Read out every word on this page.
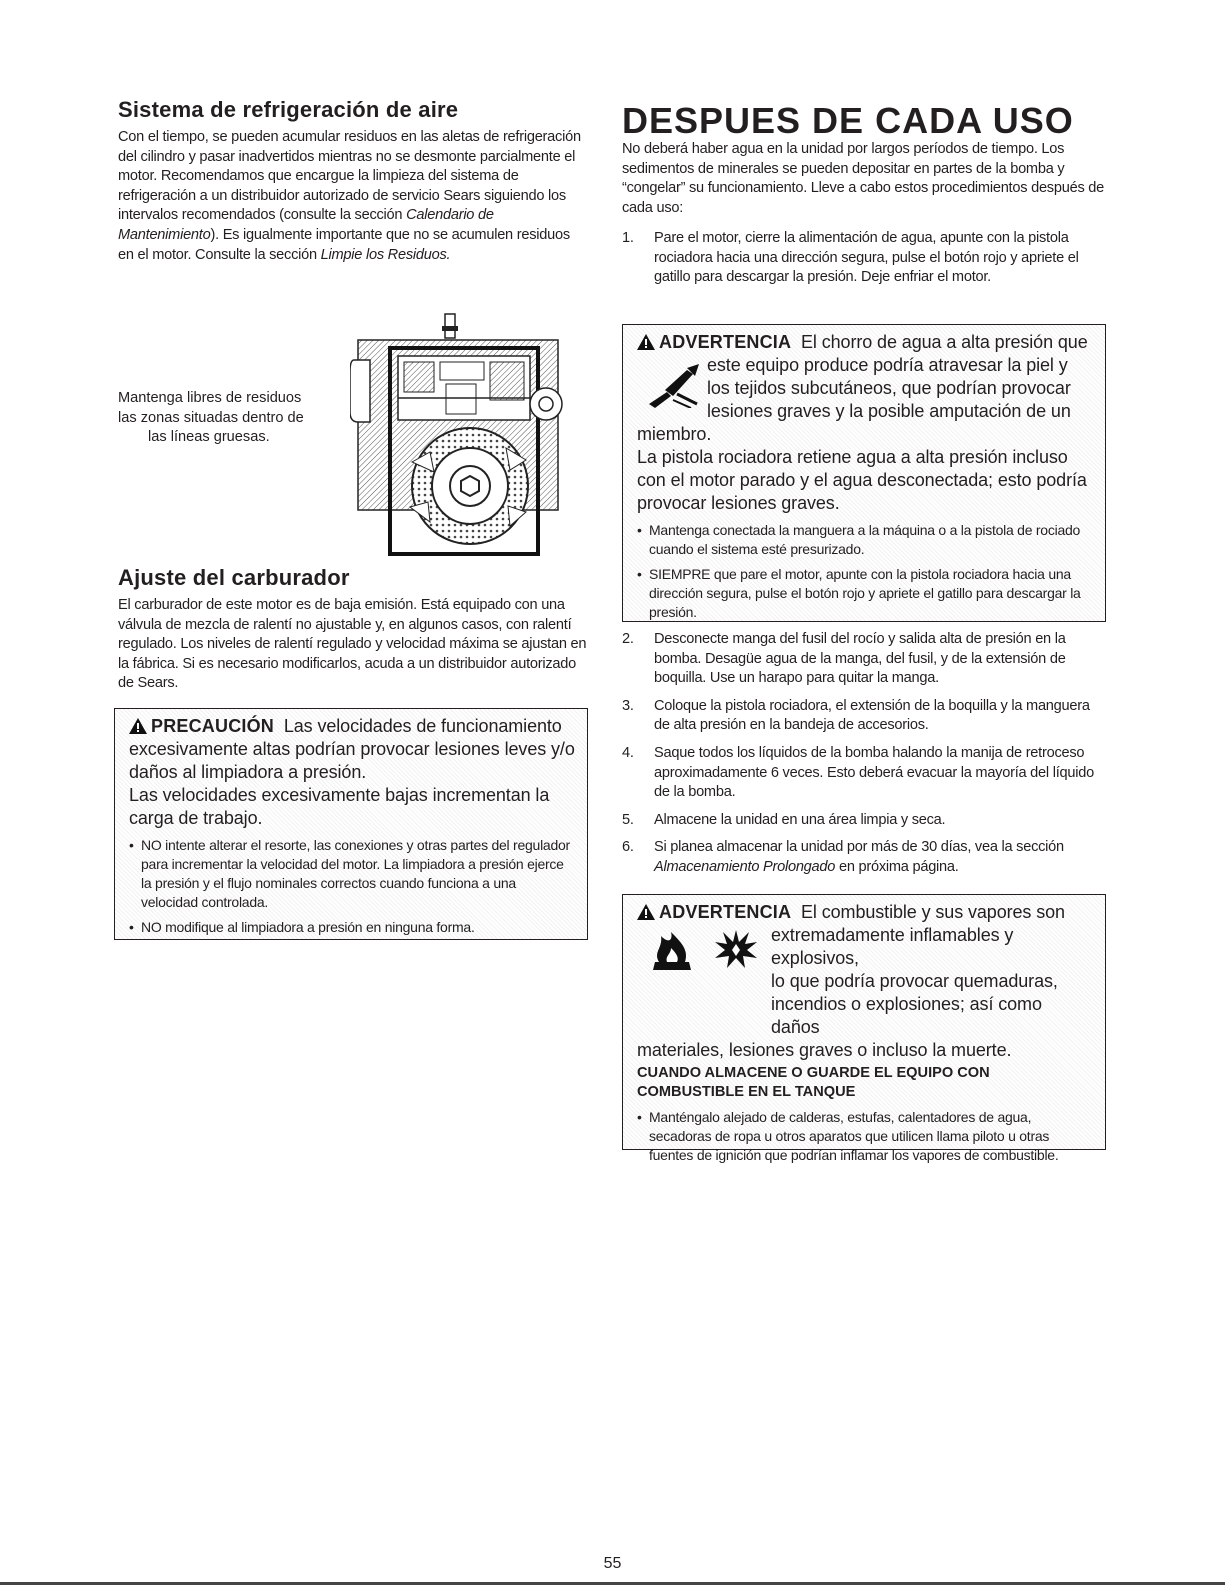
Sistema de refrigeración de aire

Con el tiempo, se pueden acumular residuos en las aletas de refrigeración del cilindro y pasar inadvertidos mientras no se desmonte parcialmente el motor. Recomendamos que encargue la limpieza del sistema de refrigeración a un distribuidor autorizado de servicio Sears siguiendo los intervalos recomendados (consulte la sección Calendario de Mantenimiento). Es igualmente importante que no se acumulen residuos en el motor. Consulte la sección Limpie los Residuos.

Mantenga libres de residuos
las zonas situadas dentro de
las líneas gruesas.
Ajuste del carburador

El carburador de este motor es de baja emisión. Está equipado con una válvula de mezcla de ralentí no ajustable y, en algunos casos, con ralentí regulado. Los niveles de ralentí regulado y velocidad máxima se ajustan en la fábrica. Si es necesario modificarlos, acuda a un distribuidor autorizado de Sears.

PRECAUCIÓN Las velocidades de funcionamiento excesivamente altas podrían provocar lesiones leves y/o daños al limpiadora a presión.
Las velocidades excesivamente bajas incrementan la carga de trabajo.
• NO intente alterar el resorte, las conexiones y otras partes del regulador para incrementar la velocidad del motor. La limpiadora a presión ejerce la presión y el flujo nominales correctos cuando funciona a una velocidad controlada.
• NO modifique al limpiadora a presión en ninguna forma.
DESPUES DE CADA USO

No deberá haber agua en la unidad por largos períodos de tiempo. Los sedimentos de minerales se pueden depositar en partes de la bomba y “congelar” su funcionamiento. Lleve a cabo estos procedimientos después de cada uso:

1. Pare el motor, cierre la alimentación de agua, apunte con la pistola rociadora hacia una dirección segura, pulse el botón rojo y apriete el gatillo para descargar la presión. Deje enfriar el motor.
ADVERTENCIA El chorro de agua a alta presión que
este equipo produce podría atravesar la piel y
los tejidos subcutáneos, que podrían provocar
lesiones graves y la posible amputación de un
miembro.
La pistola rociadora retiene agua a alta presión incluso con el motor parado y el agua desconectada; esto podría provocar lesiones graves.
• Mantenga conectada la manguera a la máquina o a la pistola de rociado cuando el sistema esté presurizado.
• SIEMPRE que pare el motor, apunte con la pistola rociadora hacia una dirección segura, pulse el botón rojo y apriete el gatillo para descargar la presión.
2. Desconecte manga del fusil del rocío y salida alta de presión en la bomba. Desagüe agua de la manga, del fusil, y de la extensión de boquilla. Use un harapo para quitar la manga.
3. Coloque la pistola rociadora, el extensión de la boquilla y la manguera de alta presión en la bandeja de accesorios.
4. Saque todos los líquidos de la bomba halando la manija de retroceso aproximadamente 6 veces. Esto deberá evacuar la mayoría del líquido de la bomba.
5. Almacene la unidad en una área limpia y seca.
6. Si planea almacenar la unidad por más de 30 días, vea la sección Almacenamiento Prolongado en próxima página.
ADVERTENCIA El combustible y sus vapores son
extremadamente inflamables y explosivos,
lo que podría provocar quemaduras,
incendios o explosiones; así como daños
materiales, lesiones graves o incluso la muerte.
CUANDO ALMACENE O GUARDE EL EQUIPO CON COMBUSTIBLE EN EL TANQUE
• Manténgalo alejado de calderas, estufas, calentadores de agua, secadoras de ropa u otros aparatos que utilicen llama piloto u otras fuentes de ignición que podrían inflamar los vapores de combustible.
55
